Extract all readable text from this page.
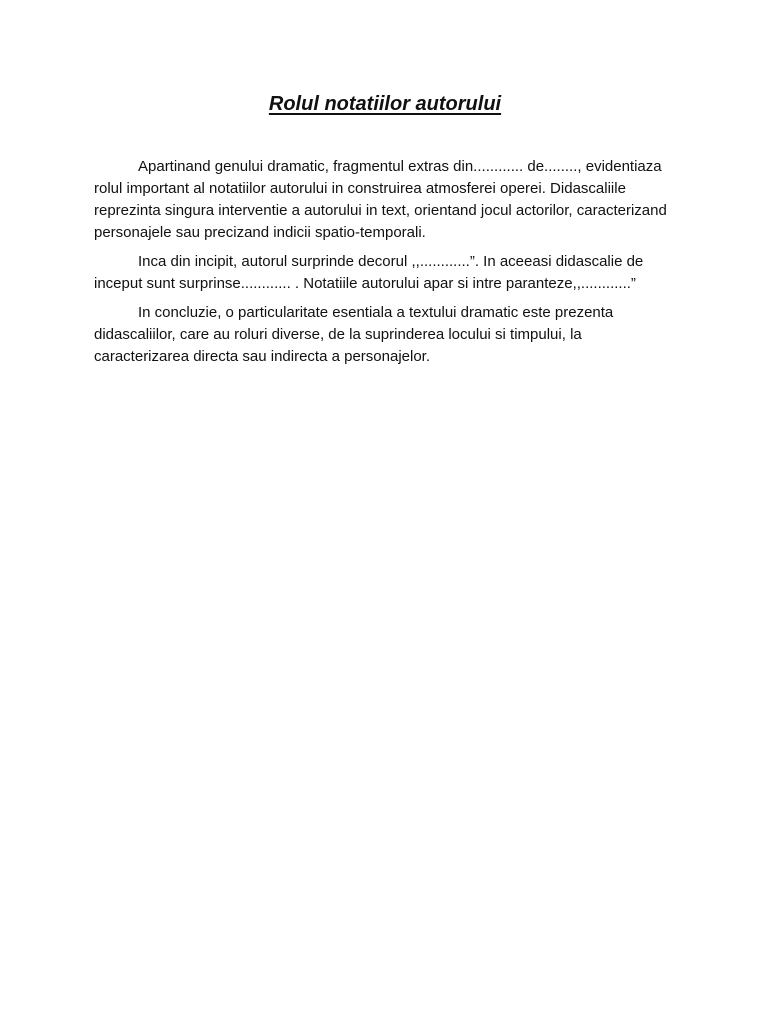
Rolul notatiilor autorului

Apartinand genului dramatic, fragmentul extras din............ de........, evidentiaza rolul important al notatiilor autorului in construirea atmosferei operei. Didascaliile reprezinta singura interventie a autorului in text, orientand jocul actorilor, caracterizand personajele sau precizand indicii spatio-temporali.

Inca din incipit, autorul surprinde decorul ,,............”. In aceeasi didascalie de inceput sunt surprinse............ . Notatiile autorului apar si intre paranteze,,............”

In concluzie, o particularitate esentiala a textului dramatic este prezenta didascaliilor, care au roluri diverse, de la suprinderea locului si timpului, la caracterizarea directa sau indirecta a personajelor.
